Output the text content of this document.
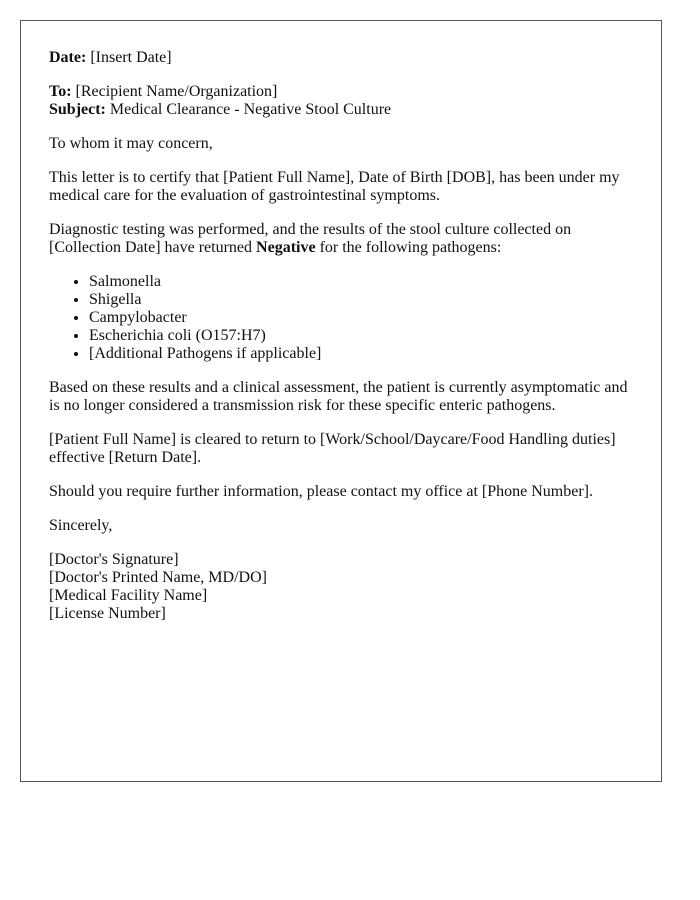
Date: [Insert Date]

To: [Recipient Name/Organization]
Subject: Medical Clearance - Negative Stool Culture

To whom it may concern,

This letter is to certify that [Patient Full Name], Date of Birth [DOB], has been under my medical care for the evaluation of gastrointestinal symptoms.

Diagnostic testing was performed, and the results of the stool culture collected on [Collection Date] have returned Negative for the following pathogens:

• Salmonella
• Shigella
• Campylobacter
• Escherichia coli (O157:H7)
• [Additional Pathogens if applicable]

Based on these results and a clinical assessment, the patient is currently asymptomatic and is no longer considered a transmission risk for these specific enteric pathogens.

[Patient Full Name] is cleared to return to [Work/School/Daycare/Food Handling duties] effective [Return Date].

Should you require further information, please contact my office at [Phone Number].

Sincerely,

[Doctor's Signature]
[Doctor's Printed Name, MD/DO]
[Medical Facility Name]
[License Number]
